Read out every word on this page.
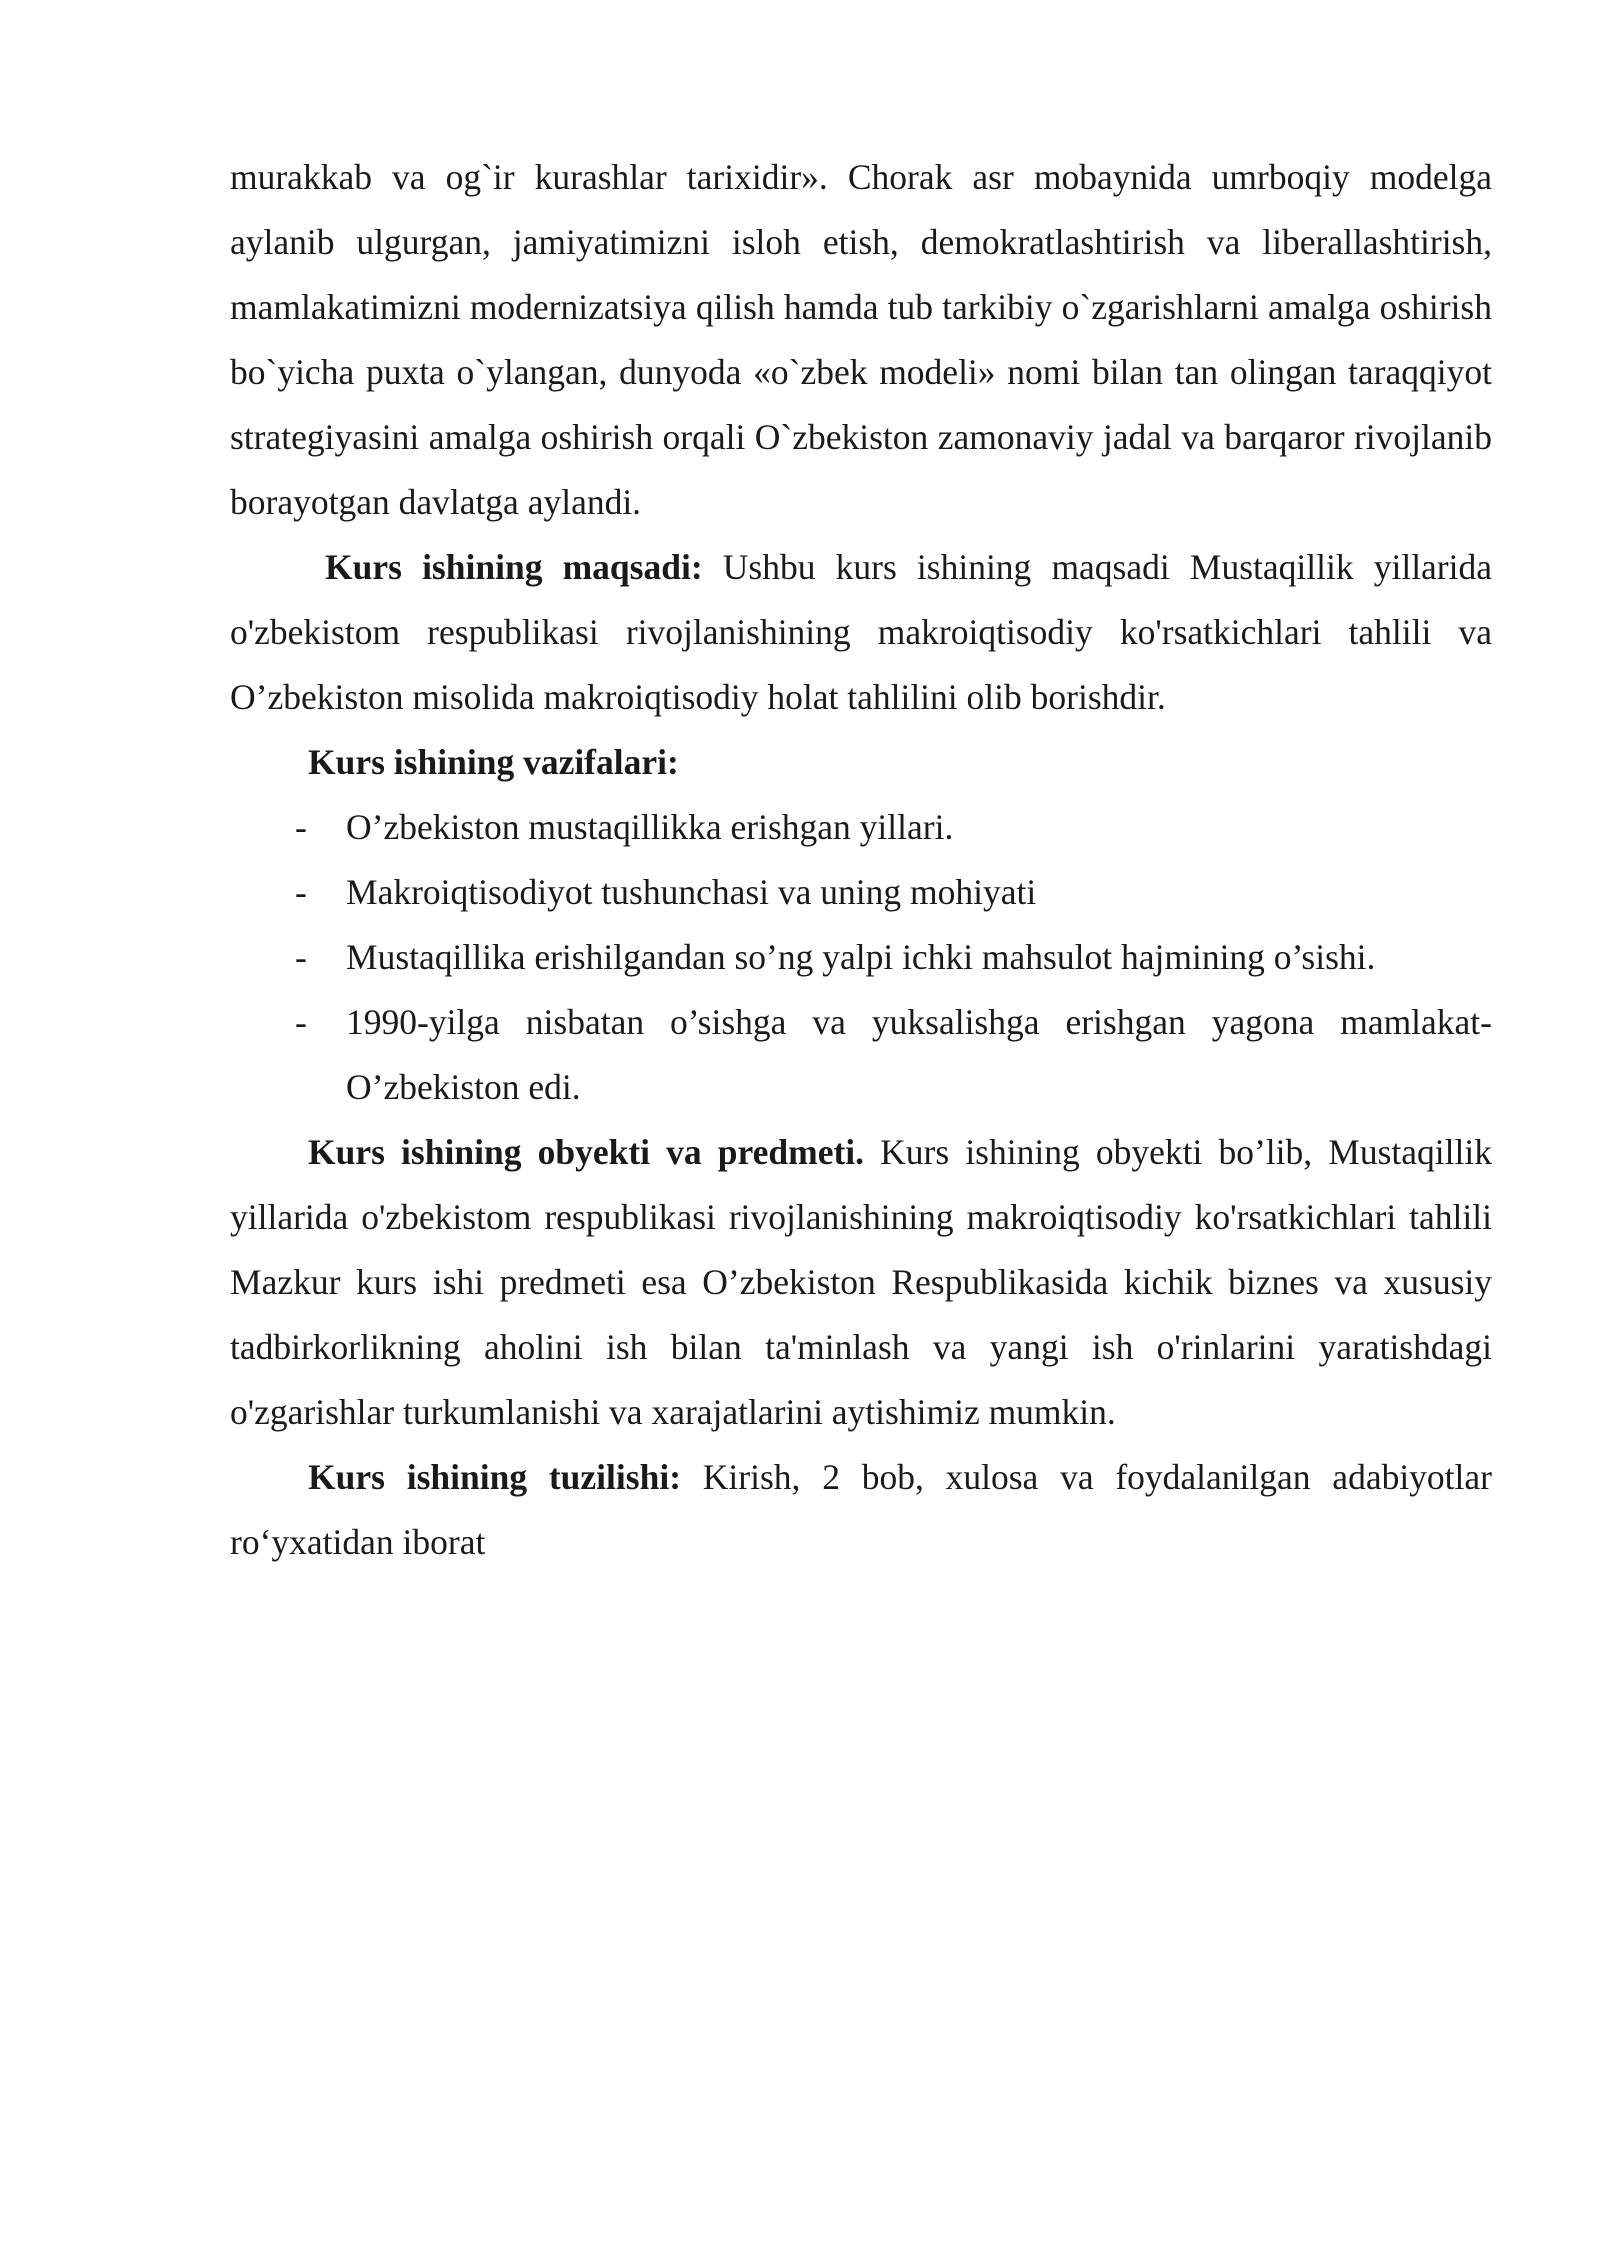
murakkab va og`ir kurashlar tarixidir». Chorak asr mobaynida umrboqiy modelga aylanib ulgurgan, jamiyatimizni isloh etish, demokratlashtirish va liberallashtirish, mamlakatimizni modernizatsiya qilish hamda tub tarkibiy o`zgarishlarni amalga oshirish bo`yicha puxta o`ylangan, dunyoda «o`zbek modeli» nomi bilan tan olingan taraqqiyot strategiyasini amalga oshirish orqali O`zbekiston zamonaviy jadal va barqaror rivojlanib borayotgan davlatga aylandi.

Kurs ishining maqsadi: Ushbu kurs ishining maqsadi Mustaqillik yillarida o'zbekistom respublikasi rivojlanishining makroiqtisodiy ko'rsatkichlari tahlili va O’zbekiston misolida makroiqtisodiy holat tahlilini olib borishdir.

Kurs ishining vazifalari:

- O’zbekiston mustaqillikka erishgan yillari.
- Makroiqtisodiyot tushunchasi va uning mohiyati
- Mustaqillika erishilgandan so’ng yalpi ichki mahsulot hajmining o’sishi.
- 1990-yilga nisbatan o’sishga va yuksalishga erishgan yagona mamlakat- O’zbekiston edi.

Kurs ishining obyekti va predmeti. Kurs ishining obyekti bo’lib, Mustaqillik yillarida o'zbekistom respublikasi rivojlanishining makroiqtisodiy ko'rsatkichlari tahlili Mazkur kurs ishi predmeti esa O’zbekiston Respublikasida kichik biznes va xususiy tadbirkorlikning aholini ish bilan ta'minlash va yangi ish o'rinlarini yaratishdagi o'zgarishlar turkumlanishi va xarajatlarini aytishimiz mumkin.

Kurs ishining tuzilishi: Kirish, 2 bob, xulosa va foydalanilgan adabiyotlar ro‘yxatidan iborat
